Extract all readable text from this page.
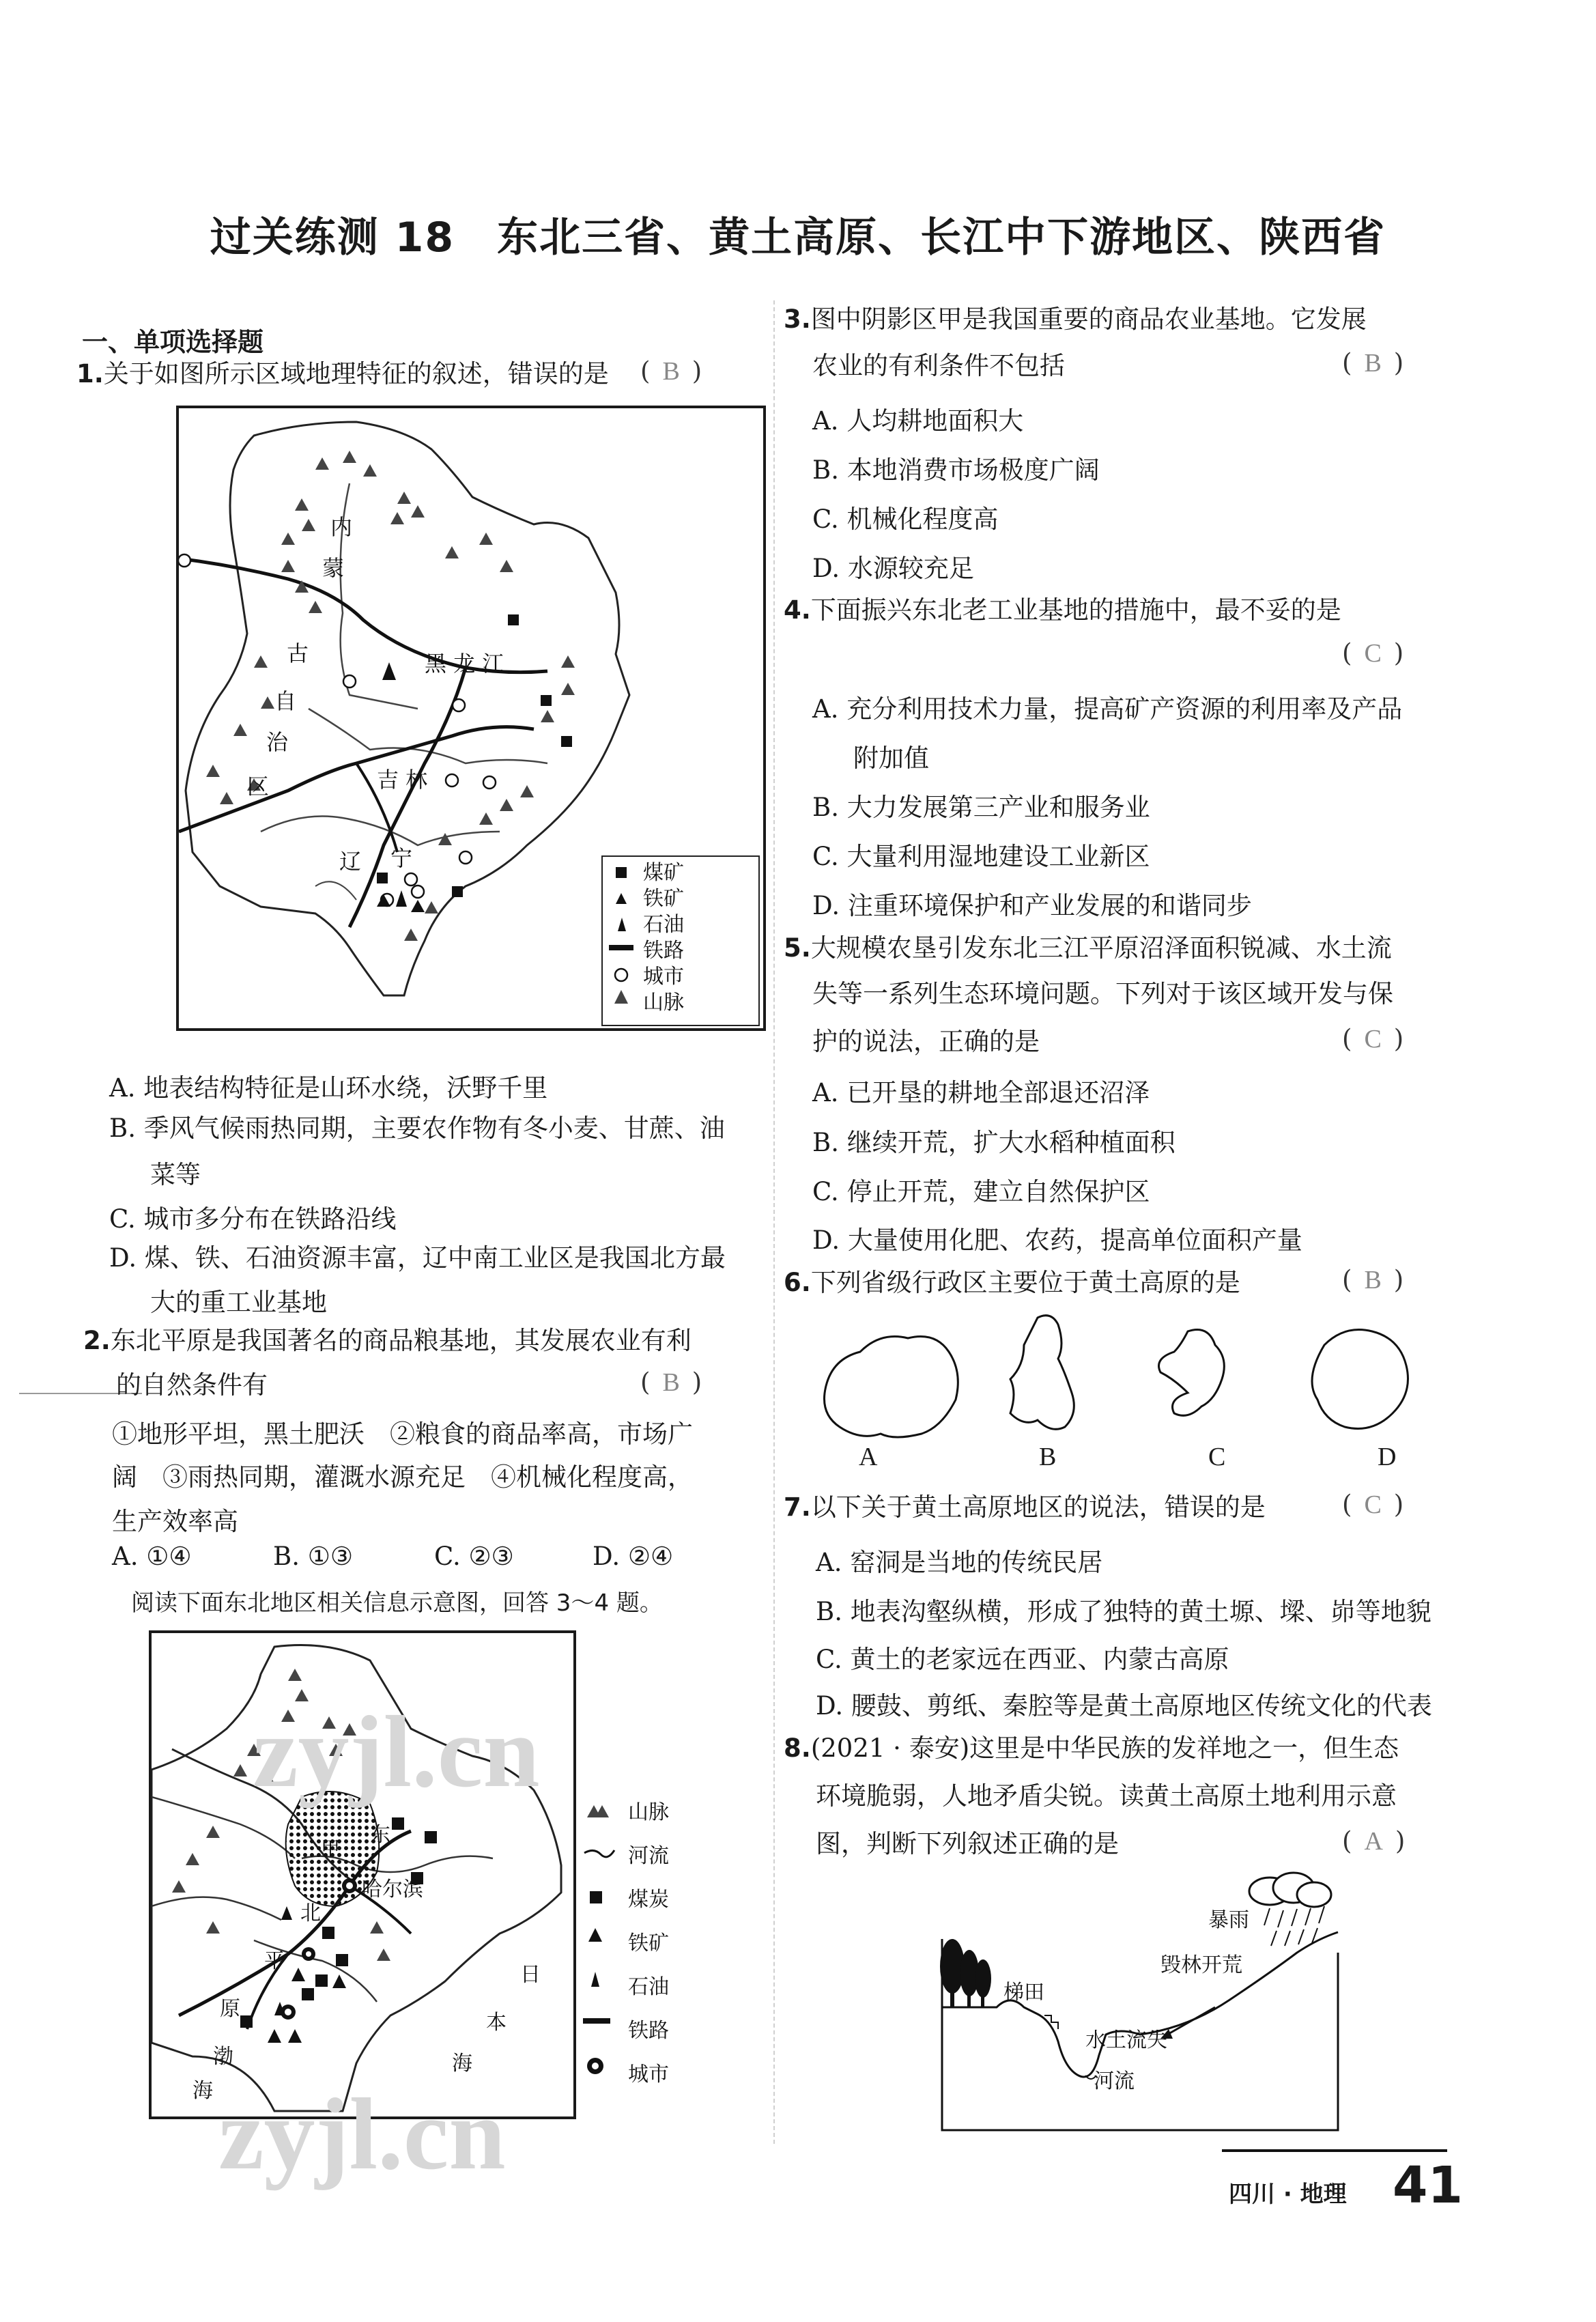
过关练测 18　东北三省、黄土高原、长江中下游地区、陕西省
一、单项选择题
1.关于如图所示区域地理特征的叙述，错误的是 ( B )
内
蒙
古
自
治
区
黑 龙 江
吉 林
辽 宁
煤矿
铁矿
石油
铁路
城市
山脉
A. 地表结构特征是山环水绕，沃野千里
B. 季风气候雨热同期，主要农作物有冬小麦、甘蔗、油
菜等
C. 城市多分布在铁路沿线
D. 煤、铁、石油资源丰富，辽中南工业区是我国北方最
大的重工业基地
2.东北平原是我国著名的商品粮基地，其发展农业有利
的自然条件有	( B )
①地形平坦，黑土肥沃　②粮食的商品率高，市场广
阔　③雨热同期，灌溉水源充足　④机械化程度高，
生产效率高
A. ①④	B. ①③	C. ②③	D. ②④
阅读下面东北地区相关信息示意图，回答 3～4 题。
甲
东
北
平
原
哈尔滨
日
本
海
渤
海
山脉
河流
煤炭
铁矿
石油
铁路
城市
3.图中阴影区甲是我国重要的商品农业基地。它发展
农业的有利条件不包括	( B )
A. 人均耕地面积大
B. 本地消费市场极度广阔
C. 机械化程度高
D. 水源较充足
4.下面振兴东北老工业基地的措施中，最不妥的是
( C )
A. 充分利用技术力量，提高矿产资源的利用率及产品
附加值
B. 大力发展第三产业和服务业
C. 大量利用湿地建设工业新区
D. 注重环境保护和产业发展的和谐同步
5.大规模农垦引发东北三江平原沼泽面积锐减、水土流
失等一系列生态环境问题。下列对于该区域开发与保
护的说法，正确的是	( C )
A. 已开垦的耕地全部退还沼泽
B. 继续开荒，扩大水稻种植面积
C. 停止开荒，建立自然保护区
D. 大量使用化肥、农药，提高单位面积产量
6.下列省级行政区主要位于黄土高原的是	( B )
A	B	C	D
7.以下关于黄土高原地区的说法，错误的是	( C )
A. 窑洞是当地的传统民居
B. 地表沟壑纵横，形成了独特的黄土塬、墚、峁等地貌
C. 黄土的老家远在西亚、内蒙古高原
D. 腰鼓、剪纸、秦腔等是黄土高原地区传统文化的代表
8.(2021 · 泰安)这里是中华民族的发祥地之一，但生态
环境脆弱，人地矛盾尖锐。读黄土高原土地利用示意
图，判断下列叙述正确的是	( A )
暴雨
毁林开荒
梯田
水土流失
河流
zyjl.cn
zyjl.cn
四川 · 地理 41
